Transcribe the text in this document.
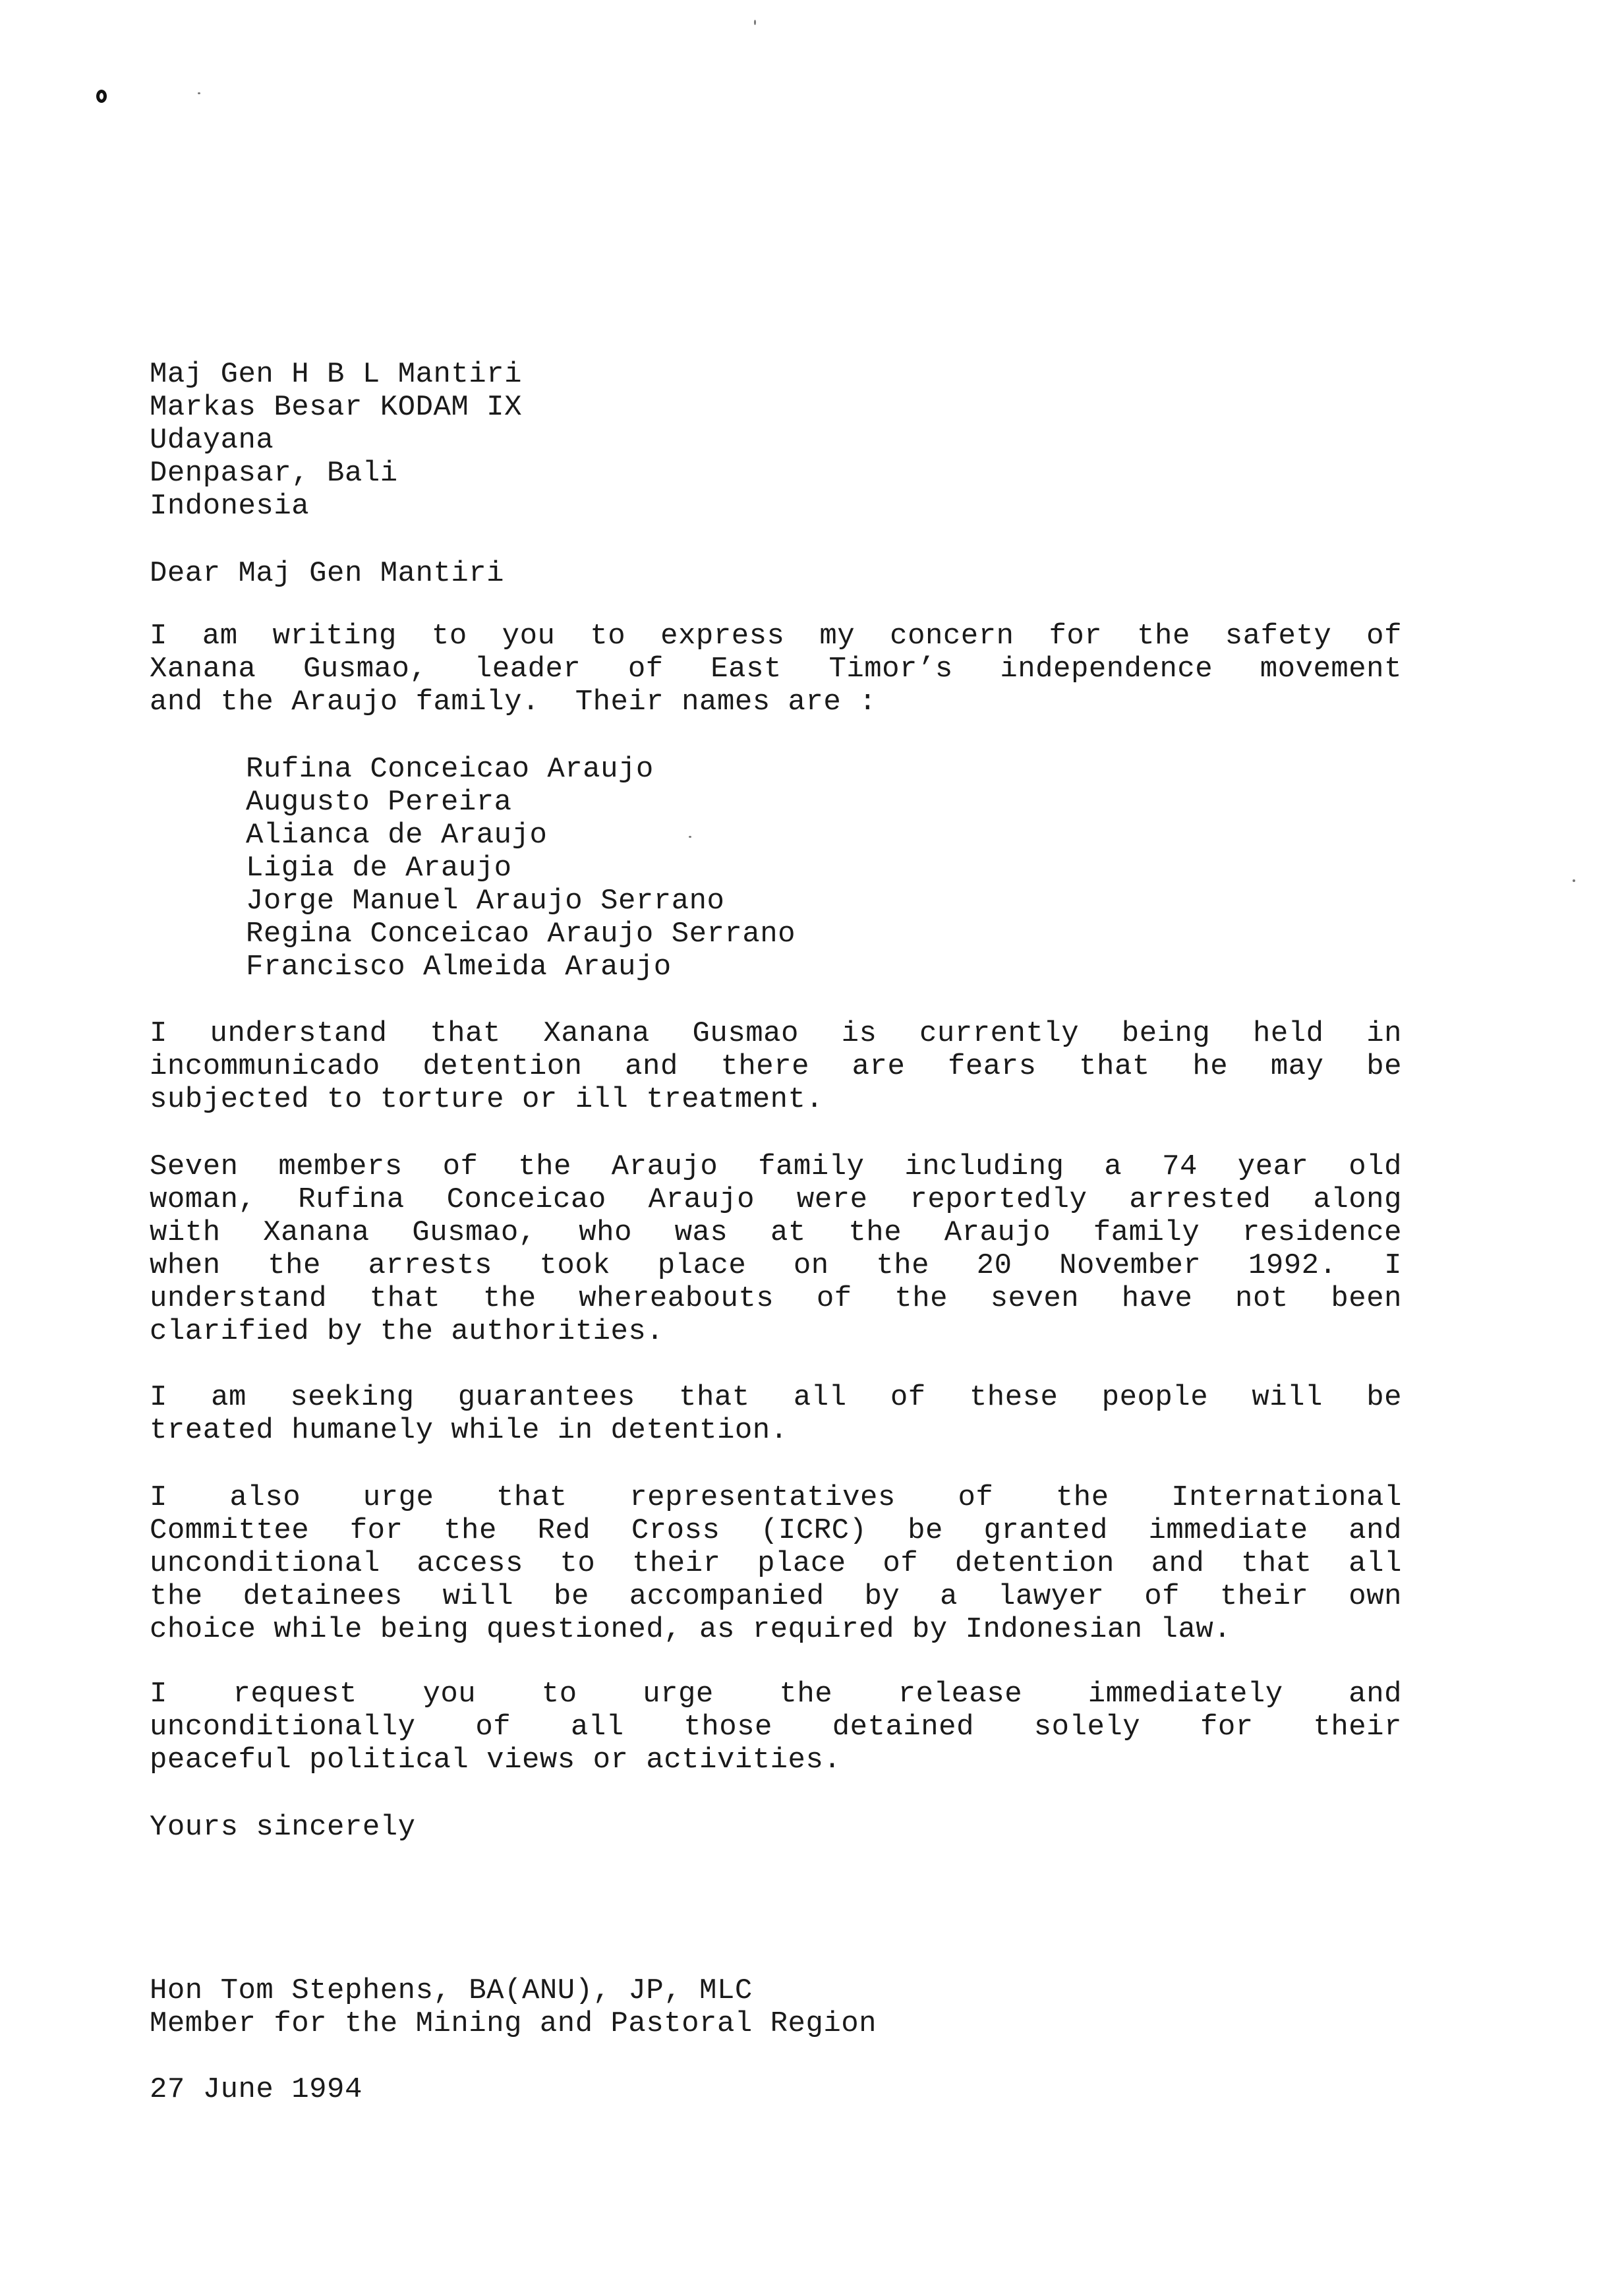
Maj Gen H B L Mantiri
Markas Besar KODAM IX
Udayana
Denpasar, Bali
Indonesia
Dear Maj Gen Mantiri
I am writing to you to express my concern for the safety of
Xanana Gusmao, leader of East Timor’s independence movement
and the Araujo family.  Their names are :
Rufina Conceicao Araujo
Augusto Pereira
Alianca de Araujo
Ligia de Araujo
Jorge Manuel Araujo Serrano
Regina Conceicao Araujo Serrano
Francisco Almeida Araujo
I understand that Xanana Gusmao is currently being held in
incommunicado detention and there are fears that he may be
subjected to torture or ill treatment.
Seven members of the Araujo family including a 74 year old
woman, Rufina Conceicao Araujo were reportedly arrested along
with Xanana Gusmao, who was at the Araujo family residence
when the arrests took place on the 20 November 1992. I
understand that the whereabouts of the seven have not been
clarified by the authorities.
I am seeking guarantees that all of these people will be
treated humanely while in detention.
I also urge that representatives of the International
Committee for the Red Cross (ICRC) be granted immediate and
unconditional access to their place of detention and that all
the detainees will be accompanied by a lawyer of their own
choice while being questioned, as required by Indonesian law.
I request you to urge the release immediately and
unconditionally of all those detained solely for their
peaceful political views or activities.
Yours sincerely
Hon Tom Stephens, BA(ANU), JP, MLC
Member for the Mining and Pastoral Region
27 June 1994
